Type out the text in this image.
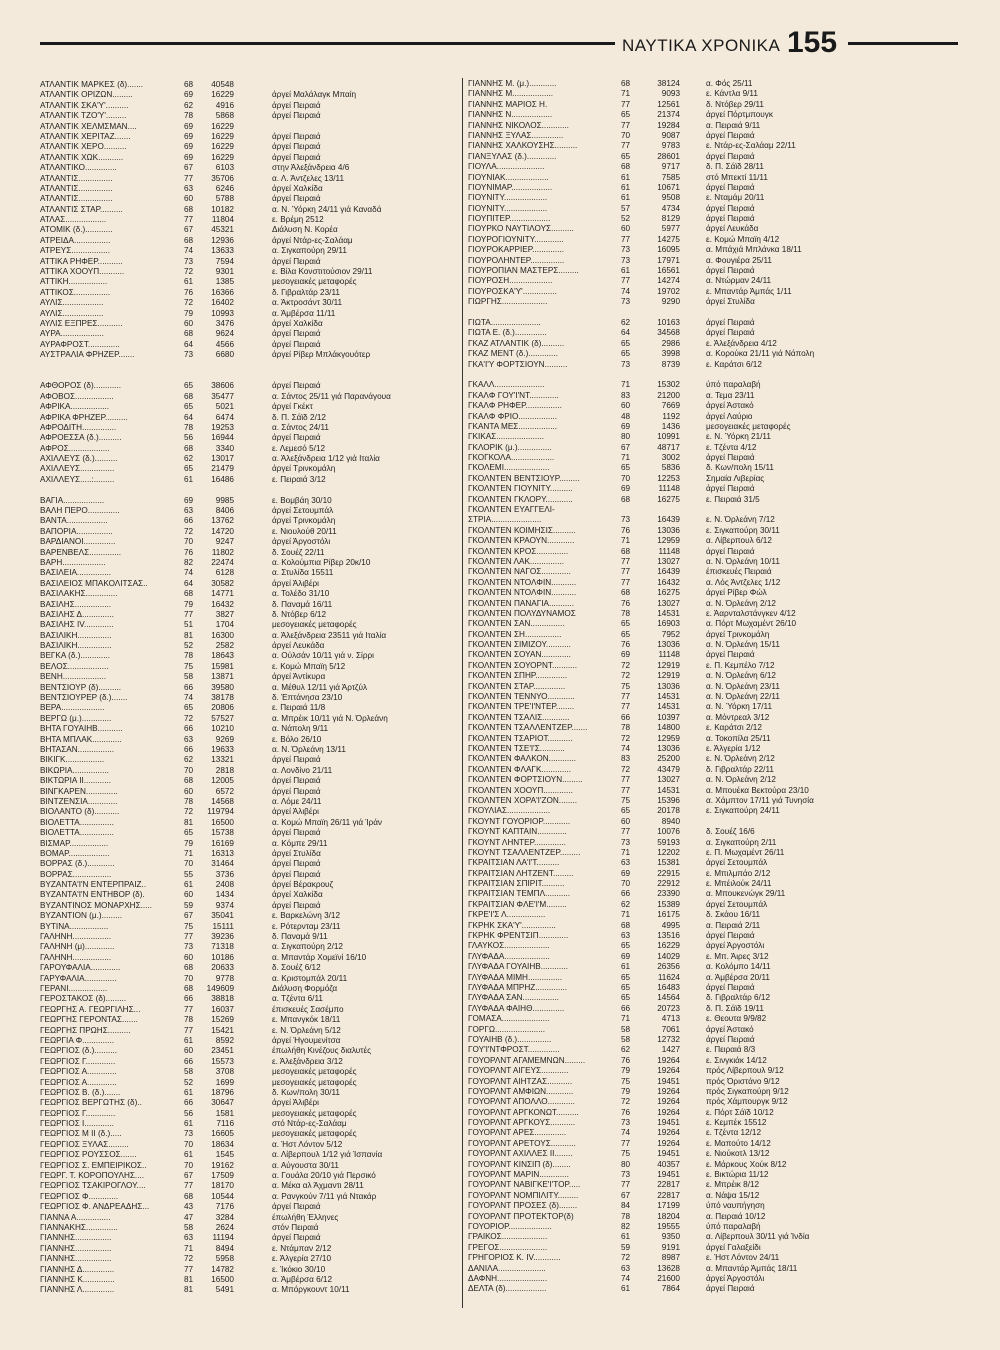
ΝΑΥΤΙΚΑ ΧΡΟΝΙΚΑ 155
ΑΤΛΑΝΤΙΚ ΜΑΡΚΕΣ (δ).......	68	40548
ΑΤΛΑΝΤΙΚ ΟΡΙΖΩΝ.........	69	16229	άργεί Μαλάλαγκ Μπαίη
ΑΤΛΑΝΤΙΚ ΣΚΑ'Υ'..........	62	4916	άργεί Πειραιά
ΑΤΛΑΝΤΙΚ ΤΖΟ'Υ'.........	78	5868	άργεί Πειραιά
ΑΤΛΑΝΤΙΚ ΧΕΛΜΣΜΑΝ....	69	16229
ΑΤΛΑΝΤΙΚ ΧΕΡΙΤΑΖ.......	69	16229	άργεί Πειραιά
ΑΤΛΑΝΤΙΚ ΧΕΡΟ..........	69	16229	άργεί Πειραιά
ΑΤΛΑΝΤΙΚ ΧΩΚ...........	69	16229	άργεί Πειραιά
ΑΤΛΑΝΤΙΚΟ..............	67	6103	στην Άλεξάνδρεια 4/6
ΑΤΛΑΝΤΙΣ...............	77	35706	α. Λ. Άντζελες 13/11
ΑΤΛΑΝΤΙΣ...............	63	6246	άργεί Χαλκίδα
ΑΤΛΑΝΤΙΣ...............	60	5788	άργεί Πειραιά
ΑΤΛΑΝΤΙΣ ΣΤΑΡ..........	68	10182	α. Ν. Ύόρκη 24/11 γιά Καναδά
ΑΤΛΑΣ..................	77	11804	ε. Βρέμη 2512
ΑΤΟΜΙΚ (δ.)............	67	45321	Διάλυση Ν. Κορέα
ΑΤΡΕΙΔΑ................	68	12936	άργεί Ντάρ-ες-Σαλάαμ
ΑΤΡΕΥΣ.................	74	13633	α. Σιγκαπούρη 29/11
ΑΤΤΙΚΑ ΡΗΦΕΡ...........	73	7594	άργεί Πειραιά
ΑΤΤΙΚΑ ΧΟΟΥΠ...........	72	9301	ε. Βίλα Κονστιτούσιον 29/11
ΑΤΤΙΚΗ.................	61	1385	μεσογειακές μεταφορές
ΑΤΤΙΚΟΣ................	76	16366	δ. Γιβραλτάρ 23/11
ΑΥΛΙΣ..................	72	16402	α. Άκτροσάντ 30/11
ΑΥΛΙΣ..................	79	10993	α. Άμβέρσα 11/11
ΑΥΛΙΣ ΕΞΠΡΕΣ...........	60	3476	άργεί Χαλκίδα
ΑΥΡΑ...................	68	9624	άργεί Πειραιά
ΑΥΡΑΦΡΟΣΤ..............	64	4566	άργεί Πειραιά
ΑΥΣΤΡΑΛΙΑ ΦΡΗΖΕΡ.......	73	6680	άργεί Ρίβερ Μπλάκγουότερ
ΑΦΘΟΡΟΣ (δ)............	65	38606	άργεί Πειραιά
ΑΦΟΒΟΣ.................	68	35477	α. Σάντος 25/11 γιά Παρανάγουα
ΑΦΡΙΚΑ.................	65	5021	άργεί Γκέκτ
ΑΦΡΙΚΑ ΦΡΗΖΕΡ..........	64	6474	δ. Π. Σάϊδ 2/12
ΑΦΡΟΔΙΤΗ...............	78	19253	α. Σάντος 24/11
ΑΦΡΟΕΣΣΑ (δ.)..........	56	16944	άργεί Πειραιά
ΑΦΡΟΣ..................	68	3340	ε. Λεμεσό 5/12
ΑΧΙΛΛΕΥΣ (δ.)..........	62	13017	α. Άλεξάνδρεια 1/12 γιά Ιταλία
ΑΧΙΛΛΕΥΣ...............	65	21479	άργεί Τρινκομάλη
ΑΧΙΛΛΕΥΣ.....:.........	61	16486	ε. Πειραιά 3/12
ΒΑΓΙΑ..................	69	9985	ε. Βομβάη 30/10
ΒΑΛΗ ΠΕΡΟ..............	63	8406	άργεί Σετουμπάλ
ΒΑΝΤΑ..................	66	13762	άργεί Τρινκομάλη
ΒΑΠΟΡΙΑ................	72	14720	ε. Νιουλούθ 20/11
ΒΑΡΔΙΑΝΟΙ..............	70	9247	άργεί Άργοστόλι
ΒΑΡΕΝΒΕΛΣ..............	76	11802	δ. Σουέζ 22/11
ΒΑΡΗ...................	82	22474	α. Κολούμπια Ρίβερ 20κ/10
ΒΑΣΙΛΕΙΑ...............	74	6128	α. Στυλίδα 15511
ΒΑΣΙΛΕΙΟΣ ΜΠΑΚΟΛΙΤΣΑΣ..	64	30582	άργεί Άλιβέρι
ΒΑΣΙΛΑΚΗΣ..............	68	14771	α. Τολέδο 31/10
ΒΑΣΙΛΗΣ................	79	16432	δ. Παναμά 16/11
ΒΑΣΙΛΗΣ Δ..............	77	3827	δ. Ντόβερ 6/12
ΒΑΣΙΛΗΣ IV.............	51	1704	μεσογειακές μεταφορές
ΒΑΣΙΛΙΚΗ...............	81	16300	α. Άλεξάνδρεια 23511 γιά Ιταλία
ΒΑΣΙΛΙΚΗ...............	52	2582	άργεί Λευκάδα
ΒΕΓΚΑ (δ.).............	78	18643	α. Ούλσάν 10/11 γιά ν. Σίρρι
ΒΕΛΟΣ..................	75	15981	ε. Κομώ Μπαϊη 5/12
ΒΕΝΗ...................	58	13871	άργεί Άντίκυρα
ΒΕΝΤΣΙΟΥΡ (δ)..........	66	39580	α. Μέθυλ 12/11 γιά Άρτζύλ
ΒΕΝΤΣΙΟΥΡΕΡ (δ.).......	74	38178	δ. Έπτάνησα 23/10
ΒΕΡΑ...................	65	20806	ε. Πειραιά 11/8
ΒΕΡΓΩ (μ.).............	72	57527	α. Μπρέικ 10/11 γιά Ν. Όρλεάνη
ΒΗΤΑ ΓΟΥΑΙΗΒ...........	66	10210	α. Νάπολη 9/11
ΒΗΤΑ ΜΠΛΑΚ.............	63	9269	ε. Βόλο 26/10
ΒΗΤΑΣΑΝ................	66	19633	α. Ν. Όρλεάνη 13/11
ΒΙΚΙΓΚ.................	62	13321	άργεί Πειραιά
ΒΙΚΩΡΙΑ................	70	2818	α. Λονδίνο 21/11
ΒΙΚΤΩΡΙΑ II............	68	12005	άργεί Πειραιά
ΒΙΝΓΚΑΡΕΝ..............	60	6572	άργεί Πειραιά
ΒΙΝΤΖΕΝΣΙΑ.............	78	14568	α. Λόμε 24/11
ΒΙΟΛΑΝΤΟ (δ)...........	72	119794	άργεί Άλιβέρι
ΒΙΟΛΕΤΤΑ...............	81	16500	α. Κομώ Μπαϊη 26/11 γιά Ίράν
ΒΙΟΛΕΤΤΑ...............	65	15738	άργεί Πειραιά
ΒΙΣΜΑΡ.................	79	16169	α. Κόμπε 29/11
ΒΟΜΑΡ..................	71	16313	άργεί Στυλίδα
ΒΟΡΡΑΣ (δ.)............	70	31464	άργεί Πειραιά
ΒΟΡΡΑΣ.................	55	3736	άργεί Πειραιά
ΒΥΖΑΝΤΑ'Ι'Ν ΕΝΤΕΡΠΡΑΙΖ..	61	2408	άργεί Βέρακρουζ
ΒΥΖΑΝΤΑ'Ι'Ν ΕΝΤΗΒΟΡ (δ).	60	1434	άργεί Χαλκίδα
ΒΥΖΑΝΤΙΝΟΣ ΜΟΝΑΡΧΗΣ.....	59	9374	άργεί Πειραιά
ΒΥΖΑΝΤΙΟΝ (μ.).........	67	35041	ε. Βαρκελώνη 3/12
ΒΥΤΙΝΑ.................	75	15111	ε. Ρότερνταμ 23/11
ΓΑΛΗΝΗ.................	77	39236	δ. Παναμά 9/11
ΓΑΛΗΝΗ (μ).............	73	71318	α. Σιγκαπούρη 2/12
ΓΑΛΗΝΗ.................	60	10186	α. Μπαντάρ Χομεϊνί 16/10
ΓΑΡΟΥΦΑΛΙΑ.............	68	20633	δ. Σουέζ 6/12
ΓΑΡΥΦΑΛΙΑ..............	70	9778	α. Κριστομπάλ 20/11
ΓΕΡΑΝΙ.................	68	149609	Διάλυση Φορμόζα
ΓΕΡΟΣΤΑΚΟΣ (δ).........	66	38818	α. Τζέντα 6/11
ΓΕΩΡΓΗΣ Α. ΓΕΩΡΓΙΛΗΣ...	77	16037	έπισκευές Σασέμπο
ΓΕΩΡΓΗΣ ΓΕΡΟΝΤΑΣ.......	78	15269	ε. Μπανγκόκ 18/11
ΓΕΩΡΓΗΣ ΠΡΩΗΣ..........	77	15421	ε. Ν. Όρλεάνη 5/12
ΓΕΩΡΓΙΑ Φ..............	61	8592	άργεί Ήγουμενίτσα
ΓΕΩΡΓΙΟΣ (δ.)..........	60	23451	έπωλήθη Κινέζους διαλυτές
ΓΕΩΡΓΙΟΣ Γ.............	66	15573	ε. Άλεξάνδρεια 3/12
ΓΕΩΡΓΙΟΣ Α.............	58	3708	μεσογειακές μεταφορές
ΓΕΩΡΓΙΟΣ Α.............	52	1699	μεσογειακές μεταφορές
ΓΕΩΡΓΙΟΣ Β. (δ.).......	61	18796	δ. Κων/πολη 30/11
ΓΕΩΡΓΙΟΣ ΒΕΡΓΩΤΗΣ (δ)..	66	30647	άργεί Άλιβέρι
ΓΕΩΡΓΙΟΣ Γ.............	56	1581	μεσογειακές μεταφορές
ΓΕΩΡΓΙΟΣ I.............	61	7116	στό Ντάρ-ες-Σαλάαμ
ΓΕΩΡΓΙΟΣ Μ II (δ.).....	73	16605	μεσογειακές μεταφορές
ΓΕΩΡΓΙΟΣ ΞΥΛΑΣ.........	70	18634	α. Ήστ Λόντον 5/12
ΓΕΩΡΓΙΟΣ ΡΟΥΣΣΟΣ.......	61	1545	α. Λίβερπουλ 1/12 γιά Ίσπανία
ΓΕΩΡΓΙΟΣ Σ. ΕΜΠΕΙΡΙΚΟΣ..	70	19162	α. Αύγουστα 30/11
ΓΕΩΡΓ. Τ. ΚΟΡΟΠΟΥΛΗΣ....	67	17509	α. Γουάλα 20/10 γιά Περσικό
ΓΕΩΡΓΙΟΣ ΤΣΑΚΙΡΟΓΛΟΥ....	77	18170	α. Μέκα αλ Άχμαντι 28/11
ΓΕΩΡΓΙΟΣ Φ.............	68	10544	α. Ρανγκούν 7/11 γιά Νταкάρ
ΓΕΩΡΓΙΟΣ Φ. ΑΝΔΡΕΑΔΗΣ...	43	7176	άργεί Πειραιά
ΓΙΑΝΝΑ Α...............	47	3284	έπωλήθη Έλληνες
ΓΙΑΝΝΑΚΗΣ..............	58	2624	στόν Πειραιά
ΓΙΑΝΝΗΣ................	63	11194	άργεί Πειραιά
ΓΙΑΝΝΗΣ................	71	8494	ε. Ντάμπαν 2/12
ΓΙΑΝΝΗΣ................	72	5958	ε. Άλγερία 27/10
ΓΙΑΝΝΗΣ Δ..............	77	14782	ε. Ίκόκιο 30/10
ΓΙΑΝΝΗΣ Κ..............	81	16500	α. Άμβέρσα 6/12
ΓΙΑΝΝΗΣ Λ..............	81	5491	α. Μπόργκουντ 10/11
ΓΙΑΝΝΗΣ Μ. (μ.)............	68	38124	α. Φός 25/11
ΓΙΑΝΝΗΣ Μ..................	71	9093	ε. Κάντλα 9/11
ΓΙΑΝΝΗΣ ΜΑΡΙΟΣ Η.	77	12561	δ. Ντόβερ 29/11
ΓΙΑΝΝΗΣ Ν..................	65	21374	άργεί Πόρτμπουγκ
ΓΙΑΝΝΗΣ ΝΙΚΟΛΟΣ............	77	19284	α. Πειραιά 9/11
ΓΙΑΝΝΗΣ ΞΥΛΑΣ..............	70	9087	άργεί Πειραιά
ΓΙΑΝΝΗΣ ΧΑΛΚΟΥΣΗΣ..........	77	9783	ε. Ντάρ-ες-Σαλάαμ 22/11
ΓΙΑΝΞΥΛΑΣ (δ.).............	65	28601	άργεί Πειραιά
ΓΙΟΥΛΑ.....................	68	9717	δ. Π. Σάϊδ 28/11
ΓΙΟΥΝΙΑΚ...................	61	7585	στό Μπεκτί 11/11
ΓΙΟΥΝΙΜΑΡ..................	61	10671	άργεί Πειραιά
ΓΙΟΥΝΙΤΥ...................	61	9508	ε. Νταμάμ 20/11
ΓΙΟΥΝΙΤΥ...................	57	4734	άργεί Πειραιά
ΓΙΟΥΠΙΤΕΡ..................	52	8129	άργεί Πειραιά
ΓΙΟΥΡΚΟ ΝΑΥΤΙΛΟΥΣ..........	60	5977	άργεί Λευκάδα
ΓΙΟΥΡΟΓΙΟΥΝΙΤΥ.............	77	14275	ε. Κομώ Μπαϊη 4/12
ΓΙΟΥΡΟΚΑΡΡΙΕΡ..............	73	16095	α. Μπάχιά Μπλάνκα 18/11
ΓΙΟΥΡΟΛΗΝΤΕΡ...............	73	17971	α. Φουγιέρα 25/11
ΓΙΟΥΡΟΠΙΑΝ ΜΑΣΤΕΡΣ.........	61	16561	άργεί Πειραιά
ΓΙΟΥΡΟΣΗ...................	77	14274	α. Ντώρμαν 24/11
ΓΙΟΥΡΟΣΚΑ'Υ'...............	74	19702	ε. Μπαντάρ Άμπάς 1/11
ΓΙΩΡΓΗΣ....................	73	9290	άργεί Στυλίδα
ΓΙΩΤΑ......................	62	10163	άργεί Πειραιά
ΓΙΩΤΑ Ε. (δ.)..............	64	34568	άργεί Πειραιά
ΓΚΑΖ ΑΤΛΑΝΤΙΚ (δ)..........	65	2986	ε. Άλεξάνδρεια 4/12
ΓΚΑΖ ΜΕΝΤ (δ.).............	65	3998	α. Κορούκα 21/11 γιά Νάπολη
ΓΚΑ'Ι'Υ ΦΟΡΤΣΙΟΥΝ..........	73	8739	ε. Καράτσι 6/12
ΓΚΑΛΛ......................	71	15302	ύπό παραλαβή
ΓΚΑΛΦ ΓΟΥ'Ι'ΝΤ.............	83	21200	α. Τεμα 23/11
ΓΚΑΛΦ ΡΗΦΕΡ................	60	7669	άργεί Άστακό
ΓΚΑΛΦ ΦΡΙΟ.................	48	1192	άργεί Λαύριο
ΓΚΑΝΤΑ ΜΕΣ.................	69	1436	μεσογειακές μεταφορές
ΓΚΙΚΑΣ.....................	80	10991	ε. Ν. Ύόρκη 21/11
ΓΚΛΟΡΙΚ (μ.)...............	67	48717	ε. Τζέντα 4/12
ΓΚΟΓΚΟΛΑ...................	71	3002	άργεί Πειραιά
ΓΚΟΛΕΜΙ....................	65	5836	δ. Κων/πολη 15/11
ΓΚΟΛΝΤΕΝ ΒΕΝΤΣΙΟΥΡ.........	70	12253	Σημαία Λιβερίας
ΓΚΟΛΝΤΕΝ ΓΙΟΥΝΙΤΥ..........	69	11148	άργεί Πειραιά
ΓΚΟΛΝΤΕΝ ΓΚΛΟΡΥ............	68	16275	ε. Πειραιά 31/5
ΓΚΟΛΝΤΕΝ ΕΥΑΓΓΕΛΙ-
ΣΤΡΙΑ......................	73	16439	ε. Ν. Όρλεάνη 7/12
ΓΚΟΛΝΤΕΝ ΚΟΙΜΗΣΙΣ..........	76	13036	ε. Σιγκαπούρη 30/11
ΓΚΟΛΝΤΕΝ ΚΡΑΟΥΝ............	71	12959	α. Λίβερπουλ 6/12
ΓΚΟΛΝΤΕΝ ΚΡΟΣ..............	68	11148	άργεί Πειραιά
ΓΚΟΛΝΤΕΝ ΛΑΚ...............	77	13027	α. Ν. Όρλεάνη 10/11
ΓΚΟΛΝΤΕΝ ΝΑΓΟΣ.............	77	16439	έπισκευές Πειραιά
ΓΚΟΛΝΤΕΝ ΝΤΟΛΦΙΝ...........	77	16432	α. Λός Άντζελες 1/12
ΓΚΟΛΝΤΕΝ ΝΤΟΛΦΙΝ...........	68	16275	άργεί Ρίβερ Φώλ
ΓΚΟΛΝΤΕΝ ΠΑΝΑΓΙΑ...........	76	13027	α. Ν. Όρλεάνη 2/12
ΓΚΟΛΝΤΕΝ ΠΟΛΥΔΥΝΑΜΟΣ	78	14531	ε. Άαρνταλστάνγκεν 4/12
ΓΚΟΛΝΤΕΝ ΣΑΝ...............	65	16903	α. Πόρτ Μωχαμέντ 26/10
ΓΚΟΛΝΤΕΝ ΣΗ................	65	7952	άργεί Τρινκομάλη
ΓΚΟΛΝΤΕΝ ΣΙΜΙΖΟΥ...........	76	13036	α. Ν. Όρλεάνη 15/11
ΓΚΟΛΝΤΕΝ ΣΟΥΑΝ.............	69	11148	άργεί Πειραιά
ΓΚΟΛΝΤΕΝ ΣΟΥΟΡΝΤ...........	72	12919	ε. Π. Κεμπέλο 7/12
ΓΚΟΛΝΤΕΝ ΣΠΗΡ..............	72	12919	α. Ν. Όρλεάνη 6/12
ΓΚΟΛΝΤΕΝ ΣΤΑΡ..............	75	13036	α. Ν. Όρλεάνη 23/11
ΓΚΟΛΝΤΕΝ ΤΕΝΝΥΟ............	77	14531	α. Ν. Όρλεάνη 22/11
ΓΚΟΛΝΤΕΝ ΤΡΕ'Ι'ΝΤΕΡ........	77	14531	α. Ν. Ύόρκη 17/11
ΓΚΟΛΝΤΕΝ ΤΣΑΛΙΣ............	66	10397	α. Μόντρεαλ 3/12
ΓΚΟΛΝΤΕΝ ΤΣΑΛΛΕΝΤΖΕΡ.......	78	14800	ε. Καράτσι 2/12
ΓΚΟΛΝΤΕΝ ΤΣΑΡΙΟΤ...........	72	12959	α. Τοκοπίλα 25/11
ΓΚΟΛΝΤΕΝ ΤΣΕ'Ι'Σ...........	74	13036	ε. Άλγερία 1/12
ΓΚΟΛΝΤΕΝ ΦΑΛΚΟΝ............	83	25200	ε. Ν. Όρλεάνη 2/12
ΓΚΟΛΝΤΕΝ ΦΛΑΓΚ.............	72	43479	δ. Γιβραλτάρ 22/11
ΓΚΟΛΝΤΕΝ ΦΟΡΤΣΙΟΥΝ.........	77	13027	α. Ν. Όρλεάνη 2/12
ΓΚΟΛΝΤΕΝ ΧΟΟΥΠ.............	77	14531	α. Μπουέκα Βεκτούρα 23/10
ΓΚΟΛΝΤΕΝ ΧΟΡΑ'Ι'ΖΟΝ........	75	15396	α. Χάμπτον 17/11 γιά Τυνησία
ΓΚΟΥΛΙΑΣ...................	65	20178	ε. Σιγκαπούρη 24/11
ΓΚΟΥΝΤ ΓΟΥΟΡΙΟΡ............	60	8940
ΓΚΟΥΝΤ ΚΑΠΤΑΙΝ.............	77	10076	δ. Σουέζ 16/6
ΓΚΟΥΝΤ ΛΗΝΤΕΡ..............	73	59193	α. Σιγκαπούρη 2/11
ΓΚΟΥΝΤ ΤΣΑΛΛΕΝΤΖΕΡ.........	71	12202	ε. Π. Μωχαμέντ 26/11
ΓΚΡΑΙΤΣΙΑΝ ΛΑ'Ι'Τ..........	63	15381	άργεί Σετουμπάλ
ΓΚΡΑΙΤΣΙΑΝ ΛΗΤΖΕΝΤ.........	69	22915	ε. Μπιλμπάο 2/12
ΓΚΡΑΙΤΣΙΑΝ ΣΠΙΡΙΤ..........	70	22912	ε. Μπέιλούκ 24/11
ΓΚΡΑΙΤΣΙΑΝ ΤΕΜΠΛ...........	66	23390	α. Μπουκενώγκ 29/11
ΓΚΡΑΙΤΣΙΑΝ ΦΛΕ'Ι'Μ.........	62	15389	άργεί Σετουμπάλ
ΓΚΡΕ'Ι'Σ Λ.................	71	16175	δ. Σκάου 16/11
ΓΚΡΗΚ ΣΚΑ'Υ'...............	68	4995	α. Πειραιά 2/11
ΓΚΡΗΚ ΦΡΕΝΤΣΙΠ.............	63	13516	άργεί Πειραιά
ΓΛΑΥΚΟΣ....................	65	16229	άργεί Άργοστόλι
ΓΛΥΦΑΔΑ....................	69	14029	ε. Μπ. Άιρες 3/12
ΓΛΥΦΑΔΑ ΓΟΥΑΙΗΒ............	61	26356	α. Κολόμπο 14/11
ΓΛΥΦΑΔΑ ΜΙΜΗ...............	65	11624	α. Άμβέρσα 20/11
ΓΛΥΦΑΔΑ ΜΠΡΗΖ..............	65	16483	άργεί Πειραιά
ΓΛΥΦΑΔΑ ΣΑΝ................	65	14564	δ. Γιβραλτάρ 6/12
ΓΛΥΦΑΔΑ ΦΑΙΗΘ..............	66	20723	δ. Π. Σάϊδ 19/11
ΓΟΜΑΣΑ.....................	71	4713	ε. Θεουτα 9/9/82
ΓΟΡΓΩ......................	58	7061	άργεί Άστακό
ΓΟΥΑΙΗΒ (δ.)...............	58	12732	άργεί Πειραιά
ΓΟΥ'Ι'ΝΤΦΡΟΣΤ..............	62	1427	ε. Πειραιά 8/3
ΓΟΥΟΡΛΝΤ ΑΓΑΜΕΜΝΩΝ.........	76	19264	ε. Σινγκιάκ 14/12
ΓΟΥΟΡΛΝΤ ΑΙΓΕΥΣ............	79	19264	πρός Λίβερπουλ 9/12
ΓΟΥΟΡΛΝΤ ΑΙΗΤΖΑΣ...........	75	19451	πρός Όριστάνο 9/12
ΓΟΥΟΡΛΝΤ ΑΜΦΙΩΝ............	79	19264	πρός Σιγκαπούρη 9/12
ΓΟΥΟΡΛΝΤ ΑΠΟΛΛΟ............	72	19264	πρός Χάμπουργκ 9/12
ΓΟΥΟΡΛΝΤ ΑΡΓΚΟΝΩΤ..........	76	19264	ε. Πόρτ Σάϊδ 10/12
ΓΟΥΟΡΛΝΤ ΑΡΓΚΟΥΣ...........	73	19451	ε. Κεμπέκ 15512
ΓΟΥΟΡΛΝΤ ΑΡΕΣ..............	74	19264	ε. Τζέντα 12/12
ΓΟΥΟΡΛΝΤ ΑΡΕΤΟΥΣ...........	77	19264	ε. Μαπούτο 14/12
ΓΟΥΟΡΛΝΤ ΑΧΙΛΛΕΣ II........	75	19451	ε. Νιούκοτλ 13/12
ΓΟΥΟΡΛΝΤ ΚΙΝΣΙΠ (δ)........	80	40357	ε. Μάρκους Χούκ 8/12
ΓΟΥΟΡΛΝΤ ΜΑΡΙΝ.............	73	19451	ε. Βικτώρια 11/12
ΓΟΥΟΡΛΝΤ ΝΑΒΙΓΚΕ'Ι'ΤΟΡ.....	77	22817	ε. Μπρέικ 8/12
ΓΟΥΟΡΛΝΤ ΝΟΜΠΙΛΙΤΥ.........	67	22817	α. Νάψα 15/12
ΓΟΥΟΡΛΝΤ ΠΡΟΣΕΣ (δ)........	84	17199	ύπό ναυπήγηση
ΓΟΥΟΡΛΝΤ ΠΡΟΤΕΚΤΟΡ(δ)	78	18204	α. Πειραιά 10/12
ΓΟΥΟΡΙΟΡ...................	82	19555	ύπό παραλαβή
ΓΡΑΙΚΟΣ....................	61	9350	α. Λίβερπουλ 30/11 γιά Ίνδία
ΓΡΕΓΟΣ.....................	59	9191	άργεί Γαλαξείδι
ΓΡΗΓΟΡΙΟΣ Κ. IV............	72	8987	ε. Ήστ Λόντον 24/11
ΔΑΝΙΛΑ.....................	63	13628	α. Μπαντάρ Άμπάς 18/11
ΔΑΦΝΗ......................	74	21600	άργεί Άργοστόλι
ΔΕΛΤΑ (δ)..................	61	7864	άργεί Πειραιά
